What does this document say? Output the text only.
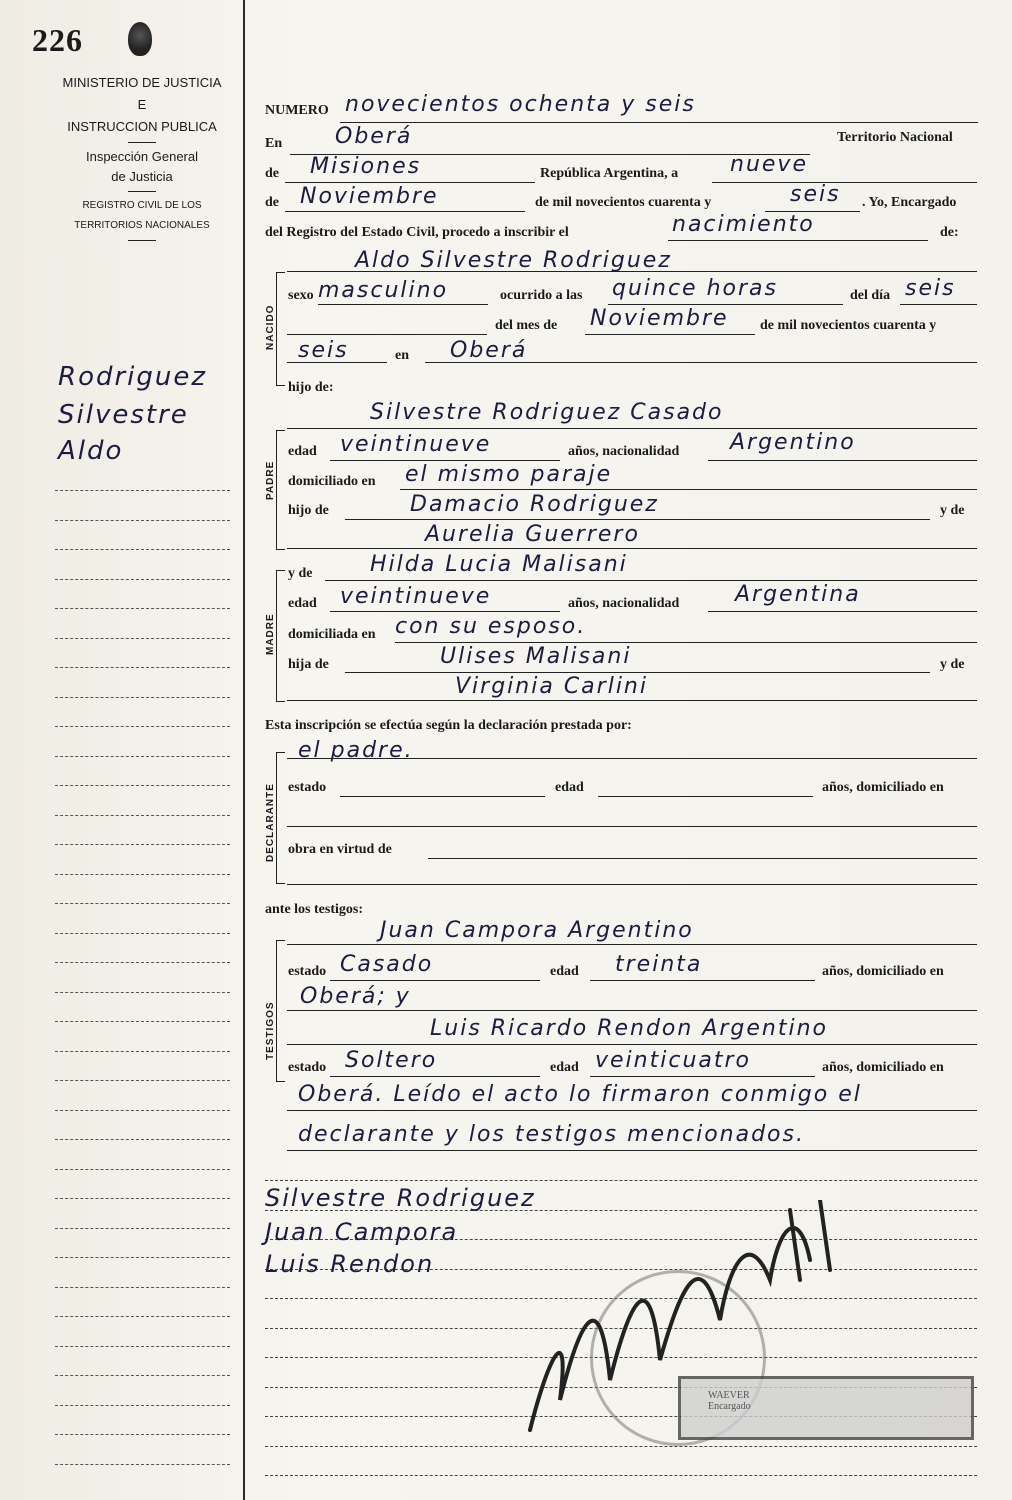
226
MINISTERIO DE JUSTICIA
E
INSTRUCCION PUBLICA
Inspección General
de Justicia
REGISTRO CIVIL DE LOS
TERRITORIOS NACIONALES
Rodriguez
Silvestre
Aldo
NUMERO novecientos ochenta y seis
En Oberá	Territorio Nacional
de Misiones	República Argentina, a nueve
de Noviembre	de mil novecientos cuarenta y	seis . Yo, Encargado
del Registro del Estado Civil, procedo a inscribir el	nacimiento	de:
NACIDO
Aldo Silvestre Rodriguez
sexo masculino	ocurrido a las quince horas	del día seis
del mes de Noviembre de mil novecientos cuarenta y
seis	en Oberá
hijo de:
PADRE
Silvestre Rodriguez Casado
edad veintinueve	años, nacionalidad Argentino
domiciliado en el mismo paraje
hijo de	Damacio Rodriguez	y de
Aurelia Guerrero
MADRE
y de	Hilda Lucia Malisani
edad veintinueve	años, nacionalidad	Argentina
domiciliada en con su esposo.
hija de	Ulises Malisani	y de
Virginia Carlini
Esta inscripción se efectúa según la declaración prestada por:
DECLARANTE
el padre.
estado	edad	años, domiciliado en
obra en virtud de
ante los testigos:
TESTIGOS
Juan Campora Argentino
estado Casado	edad treinta	años, domiciliado en
Oberá; y
Luis Ricardo Rendon Argentino
estado Soltero	edad veinticuatro	años, domiciliado en
Oberá. Leído el acto lo firmaron conmigo el
declarante y los testigos mencionados.
Silvestre Rodriguez
Juan Campora
Luis Rendon
WAEVER
Encargado
